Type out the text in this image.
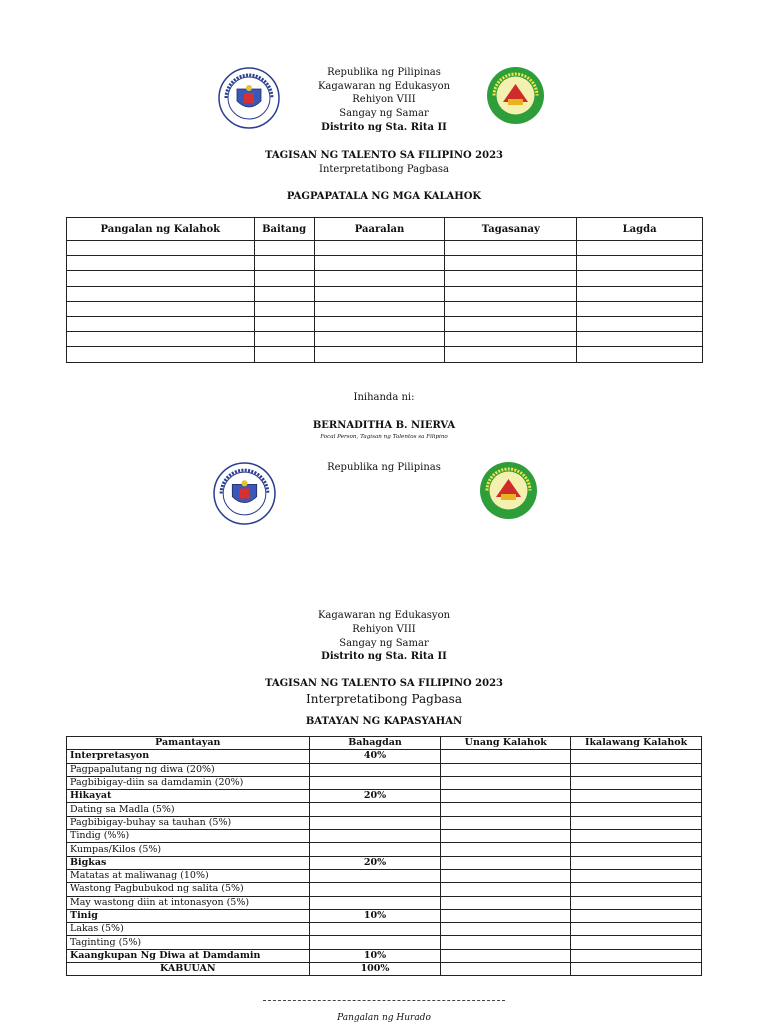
Republika ng Pilipinas
Kagawaran ng Edukasyon
Rehiyon VIII
Sangay ng Samar
Distrito ng Sta. Rita II
TAGISAN NG TALENTO SA FILIPINO 2023
Interpretatibong Pagbasa
PAGPAPATALA NG MGA KALAHOK
Pangalan ng Kalahok	Baitang	Paaralan	Tagasanay	Lagda

Inihanda ni:
BERNADITHA B. NIERVA
Focal Person, Tagisan ng Talentos sa Filipino
Republika ng Pilipinas
Kagawaran ng Edukasyon
Rehiyon VIII
Sangay ng Samar
Distrito ng Sta. Rita II
TAGISAN NG TALENTO SA FILIPINO 2023
Interpretatibong Pagbasa
BATAYAN NG KAPASYAHAN
Pamantayan	Bahagdan	Unang Kalahok	Ikalawang Kalahok
Interpretasyon	40%		
Pagpapalutang ng diwa (20%)			
Pagbibigay-diin sa damdamin (20%)			
Hikayat	20%		
Dating sa Madla (5%)			
Pagbibigay-buhay sa tauhan (5%)			
Tindig (%%)			
Kumpas/Kilos (5%)			
Bigkas	20%		
Matatas at maliwanag (10%)			
Wastong Pagbubukod ng salita (5%)			
May wastong diin at intonasyon (5%)			
Tinig	10%		
Lakas (5%)			
Taginting (5%)			
Kaangkupan Ng Diwa at Damdamin	10%		
KABUUAN	100%		
Pangalan ng Hurado
